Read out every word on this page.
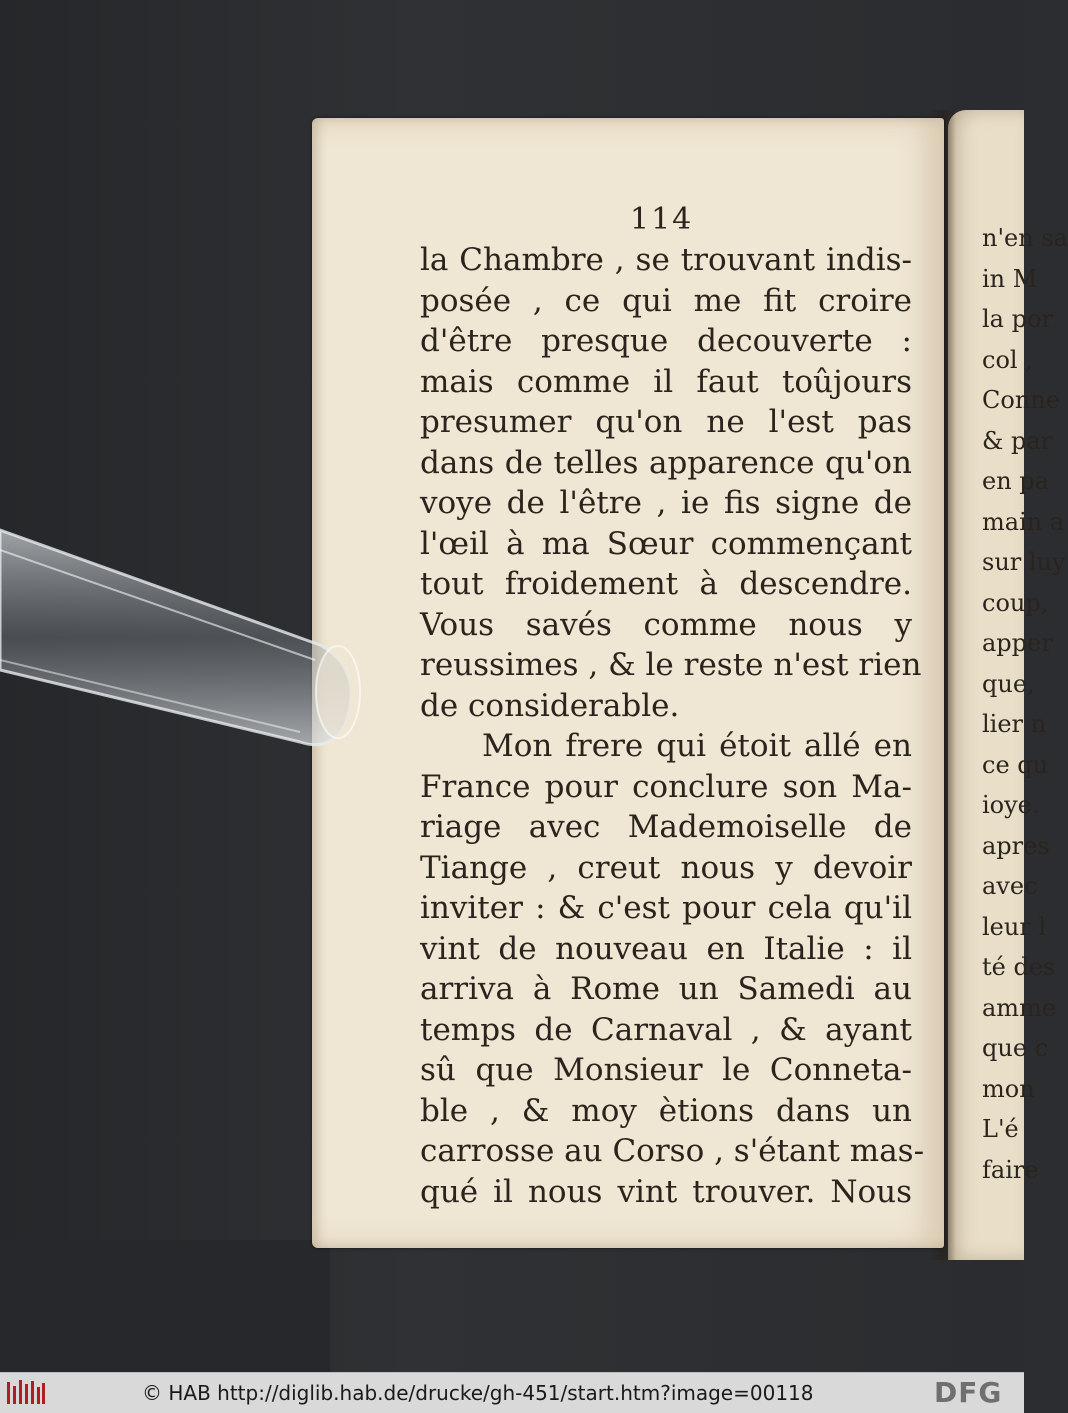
n'en sa
in M
la por
col ,
Conne
& par
en pa
main a
sur luy
coup,
apper
que,
lier n
ce qu
ioye.
apres
avec
leur l
té des
amme
que c
mon
L'é
faire
114
la Chambre , se trouvant indis-
posée , ce qui me fit croire
d'être presque decouverte :
mais comme il faut toûjours
presumer qu'on ne l'est pas
dans de telles apparence qu'on
voye de l'être , ie fis signe de
l'œil à ma Sœur commençant
tout froidement à descendre.
Vous savés comme nous y
reussimes , & le reste n'est rien
de considerable.
Mon frere qui étoit allé en
France pour conclure son Ma-
riage avec Mademoiselle de
Tiange , creut nous y devoir
inviter : & c'est pour cela qu'il
vint de nouveau en Italie : il
arriva à Rome un Samedi au
temps de Carnaval , & ayant
sû que Monsieur le Conneta-
ble , & moy ètions dans un
carrosse au Corso , s'étant mas-
qué il nous vint trouver. Nous
© HAB http://diglib.hab.de/drucke/gh-451/start.htm?image=00118	DFG
